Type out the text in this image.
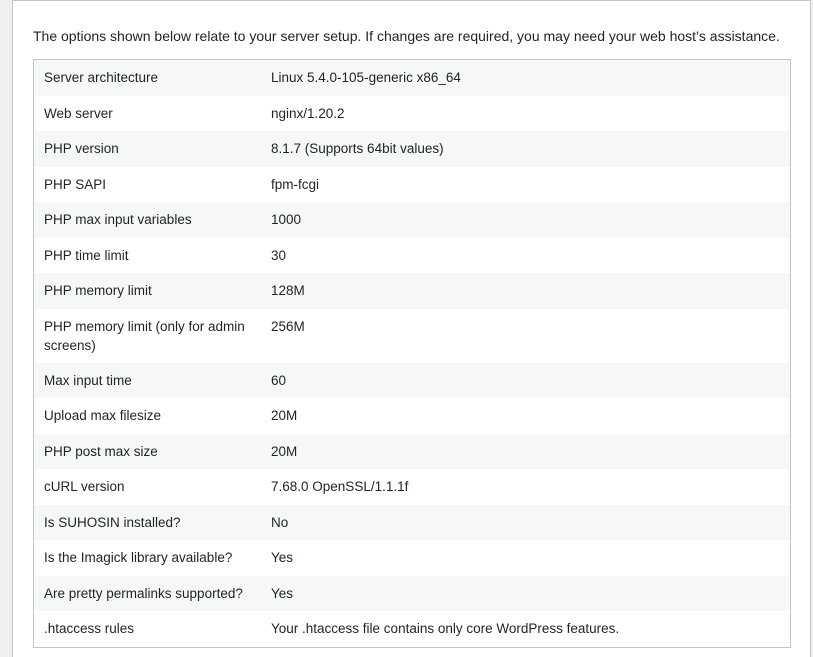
The options shown below relate to your server setup. If changes are required, you may need your web host’s assistance.

Server architecture	Linux 5.4.0-105-generic x86_64
Web server	nginx/1.20.2
PHP version	8.1.7 (Supports 64bit values)
PHP SAPI	fpm-fcgi
PHP max input variables	1000
PHP time limit	30
PHP memory limit	128M
PHP memory limit (only for admin screens)	256M
Max input time	60
Upload max filesize	20M
PHP post max size	20M
cURL version	7.68.0 OpenSSL/1.1.1f
Is SUHOSIN installed?	No
Is the Imagick library available?	Yes
Are pretty permalinks supported?	Yes
.htaccess rules	Your .htaccess file contains only core WordPress features.
